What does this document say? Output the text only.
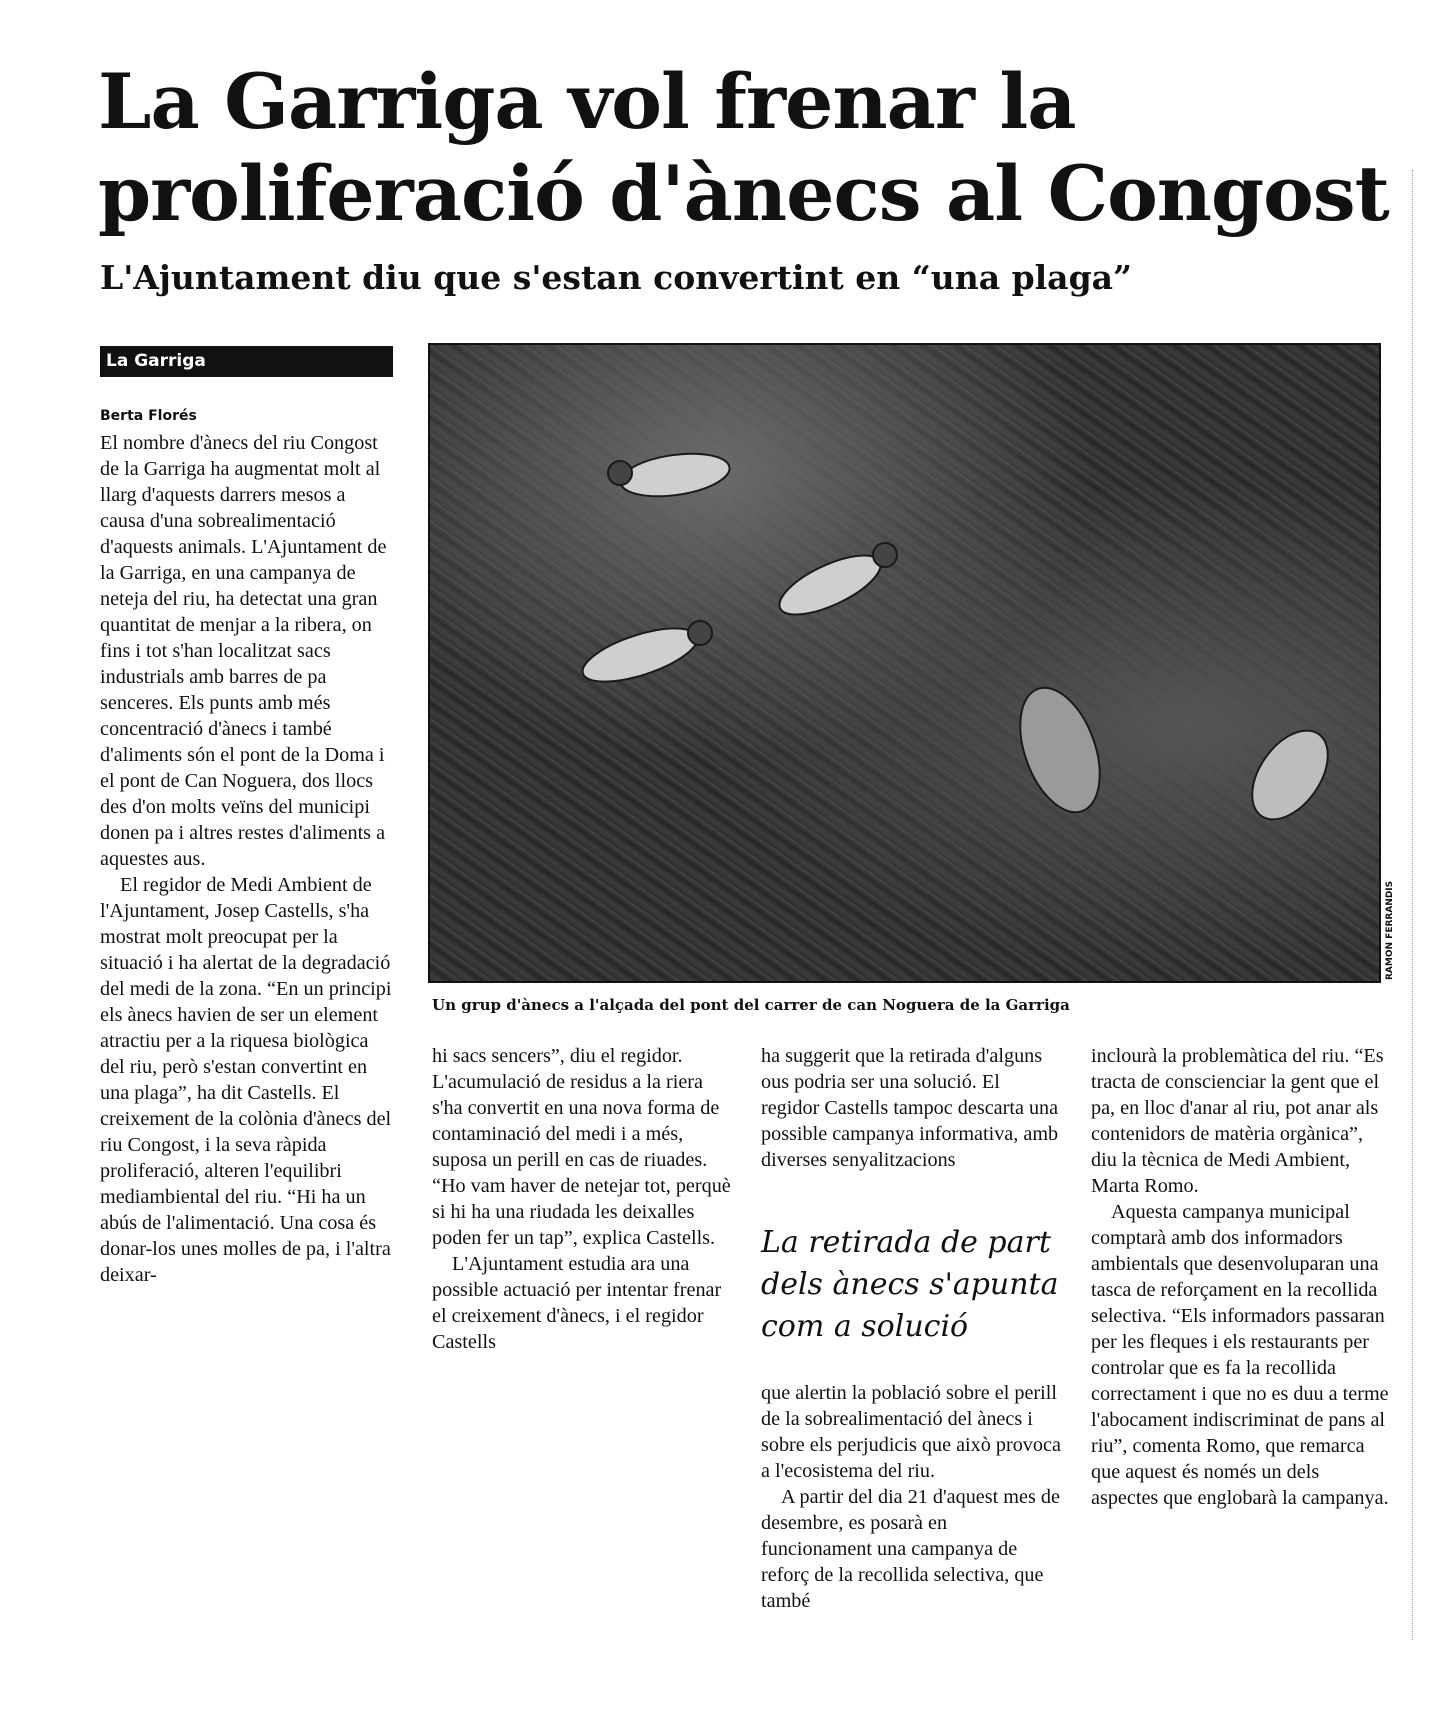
La Garriga vol frenar la
proliferació d'ànecs al Congost
L'Ajuntament diu que s'estan convertint en “una plaga”
La Garriga
Berta Florés

El nombre d'ànecs del riu Congost de la Garriga ha augmentat molt al llarg d'aquests darrers mesos a causa d'una sobrealimentació d'aquests animals. L'Ajuntament de la Garriga, en una campanya de neteja del riu, ha detectat una gran quantitat de menjar a la ribera, on fins i tot s'han localitzat sacs industrials amb barres de pa senceres. Els punts amb més concentració d'ànecs i també d'aliments són el pont de la Doma i el pont de Can Noguera, dos llocs des d'on molts veïns del municipi donen pa i altres restes d'aliments a aquestes aus.

El regidor de Medi Ambient de l'Ajuntament, Josep Castells, s'ha mostrat molt preocupat per la situació i ha alertat de la degradació del medi de la zona. “En un principi els ànecs havien de ser un element atractiu per a la riquesa biològica del riu, però s'estan convertint en una plaga”, ha dit Castells. El creixement de la colònia d'ànecs del riu Congost, i la seva ràpida proliferació, alteren l'equilibri mediambiental del riu. “Hi ha un abús de l'alimentació. Una cosa és donar-los unes molles de pa, i l'altra deixar-

RAMON FERRANDIS
Un grup d'ànecs a l'alçada del pont del carrer de can Noguera de la Garriga

hi sacs sencers”, diu el regidor. L'acumulació de residus a la riera s'ha convertit en una nova forma de contaminació del medi i a més, suposa un perill en cas de riuades. “Ho vam haver de netejar tot, perquè si hi ha una riudada les deixalles poden fer un tap”, explica Castells.

L'Ajuntament estudia ara una possible actuació per intentar frenar el creixement d'ànecs, i el regidor Castells

ha suggerit que la retirada d'alguns ous podria ser una solució. El regidor Castells tampoc descarta una possible campanya informativa, amb diverses senyalitzacions

La retirada de part
dels ànecs s'apunta
com a solució

que alertin la població sobre el perill de la sobrealimentació del ànecs i sobre els perjudicis que això provoca a l'ecosistema del riu.

A partir del dia 21 d'aquest mes de desembre, es posarà en funcionament una campanya de reforç de la recollida selectiva, que també

inclourà la problemàtica del riu. “Es tracta de conscienciar la gent que el pa, en lloc d'anar al riu, pot anar als contenidors de matèria orgànica”, diu la tècnica de Medi Ambient, Marta Romo.

Aquesta campanya municipal comptarà amb dos informadors ambientals que desenvoluparan una tasca de reforçament en la recollida selectiva. “Els informadors passaran per les fleques i els restaurants per controlar que es fa la recollida correctament i que no es duu a terme l'abocament indiscriminat de pans al riu”, comenta Romo, que remarca que aquest és només un dels aspectes que englobarà la campanya.
